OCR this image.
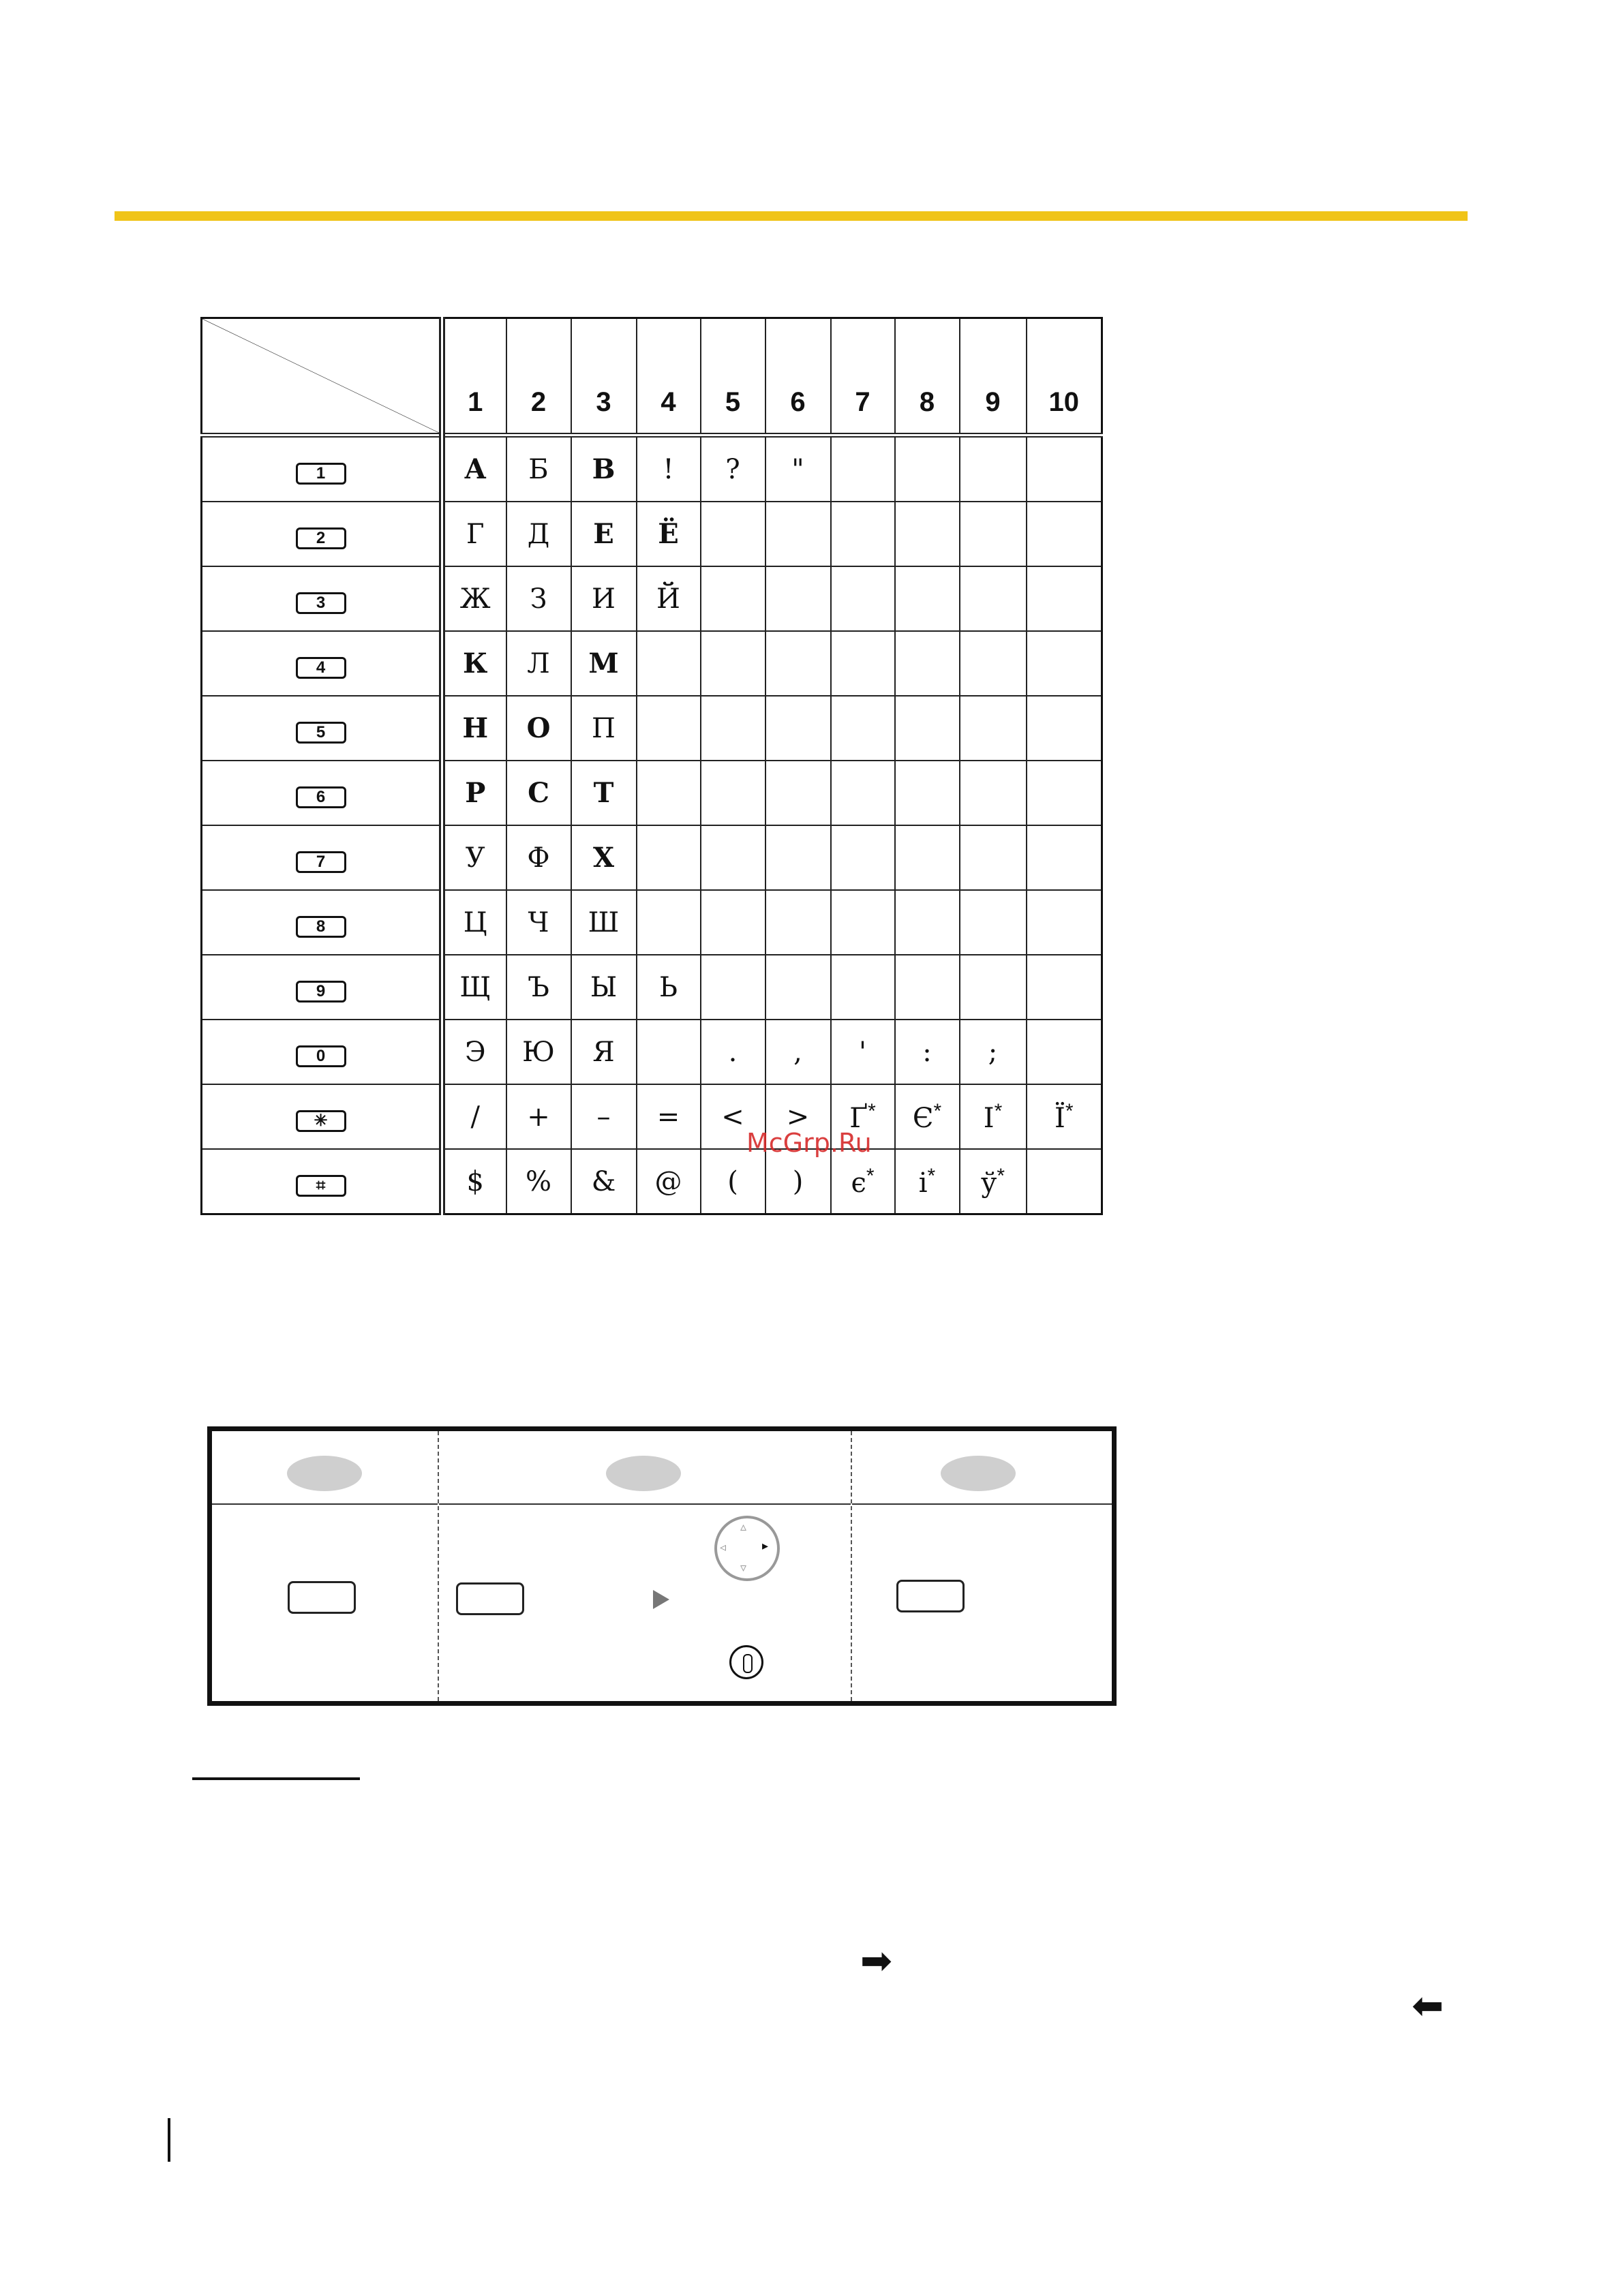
	1	2	3	4	5	6	7	8	9	10
1	А	Б	В	!	?	"				
2	Г	Д	Е	Ё						
3	Ж	З	И	Й						
4	К	Л	М							
5	Н	О	П							
6	Р	С	Т							
7	У	Ф	Х							
8	Ц	Ч	Ш							
9	Щ	Ъ	Ы	Ь						
0	Э	Ю	Я		.	,	'	:	;	
✳	/	+	–	=	<	>	Ґ*	Є*	І*	Ї*
⌗	$	%	&	@	(	)	є*	і*	ў*	
McGrp.Ru
▵
▿
◃	▸
➡
⬅
